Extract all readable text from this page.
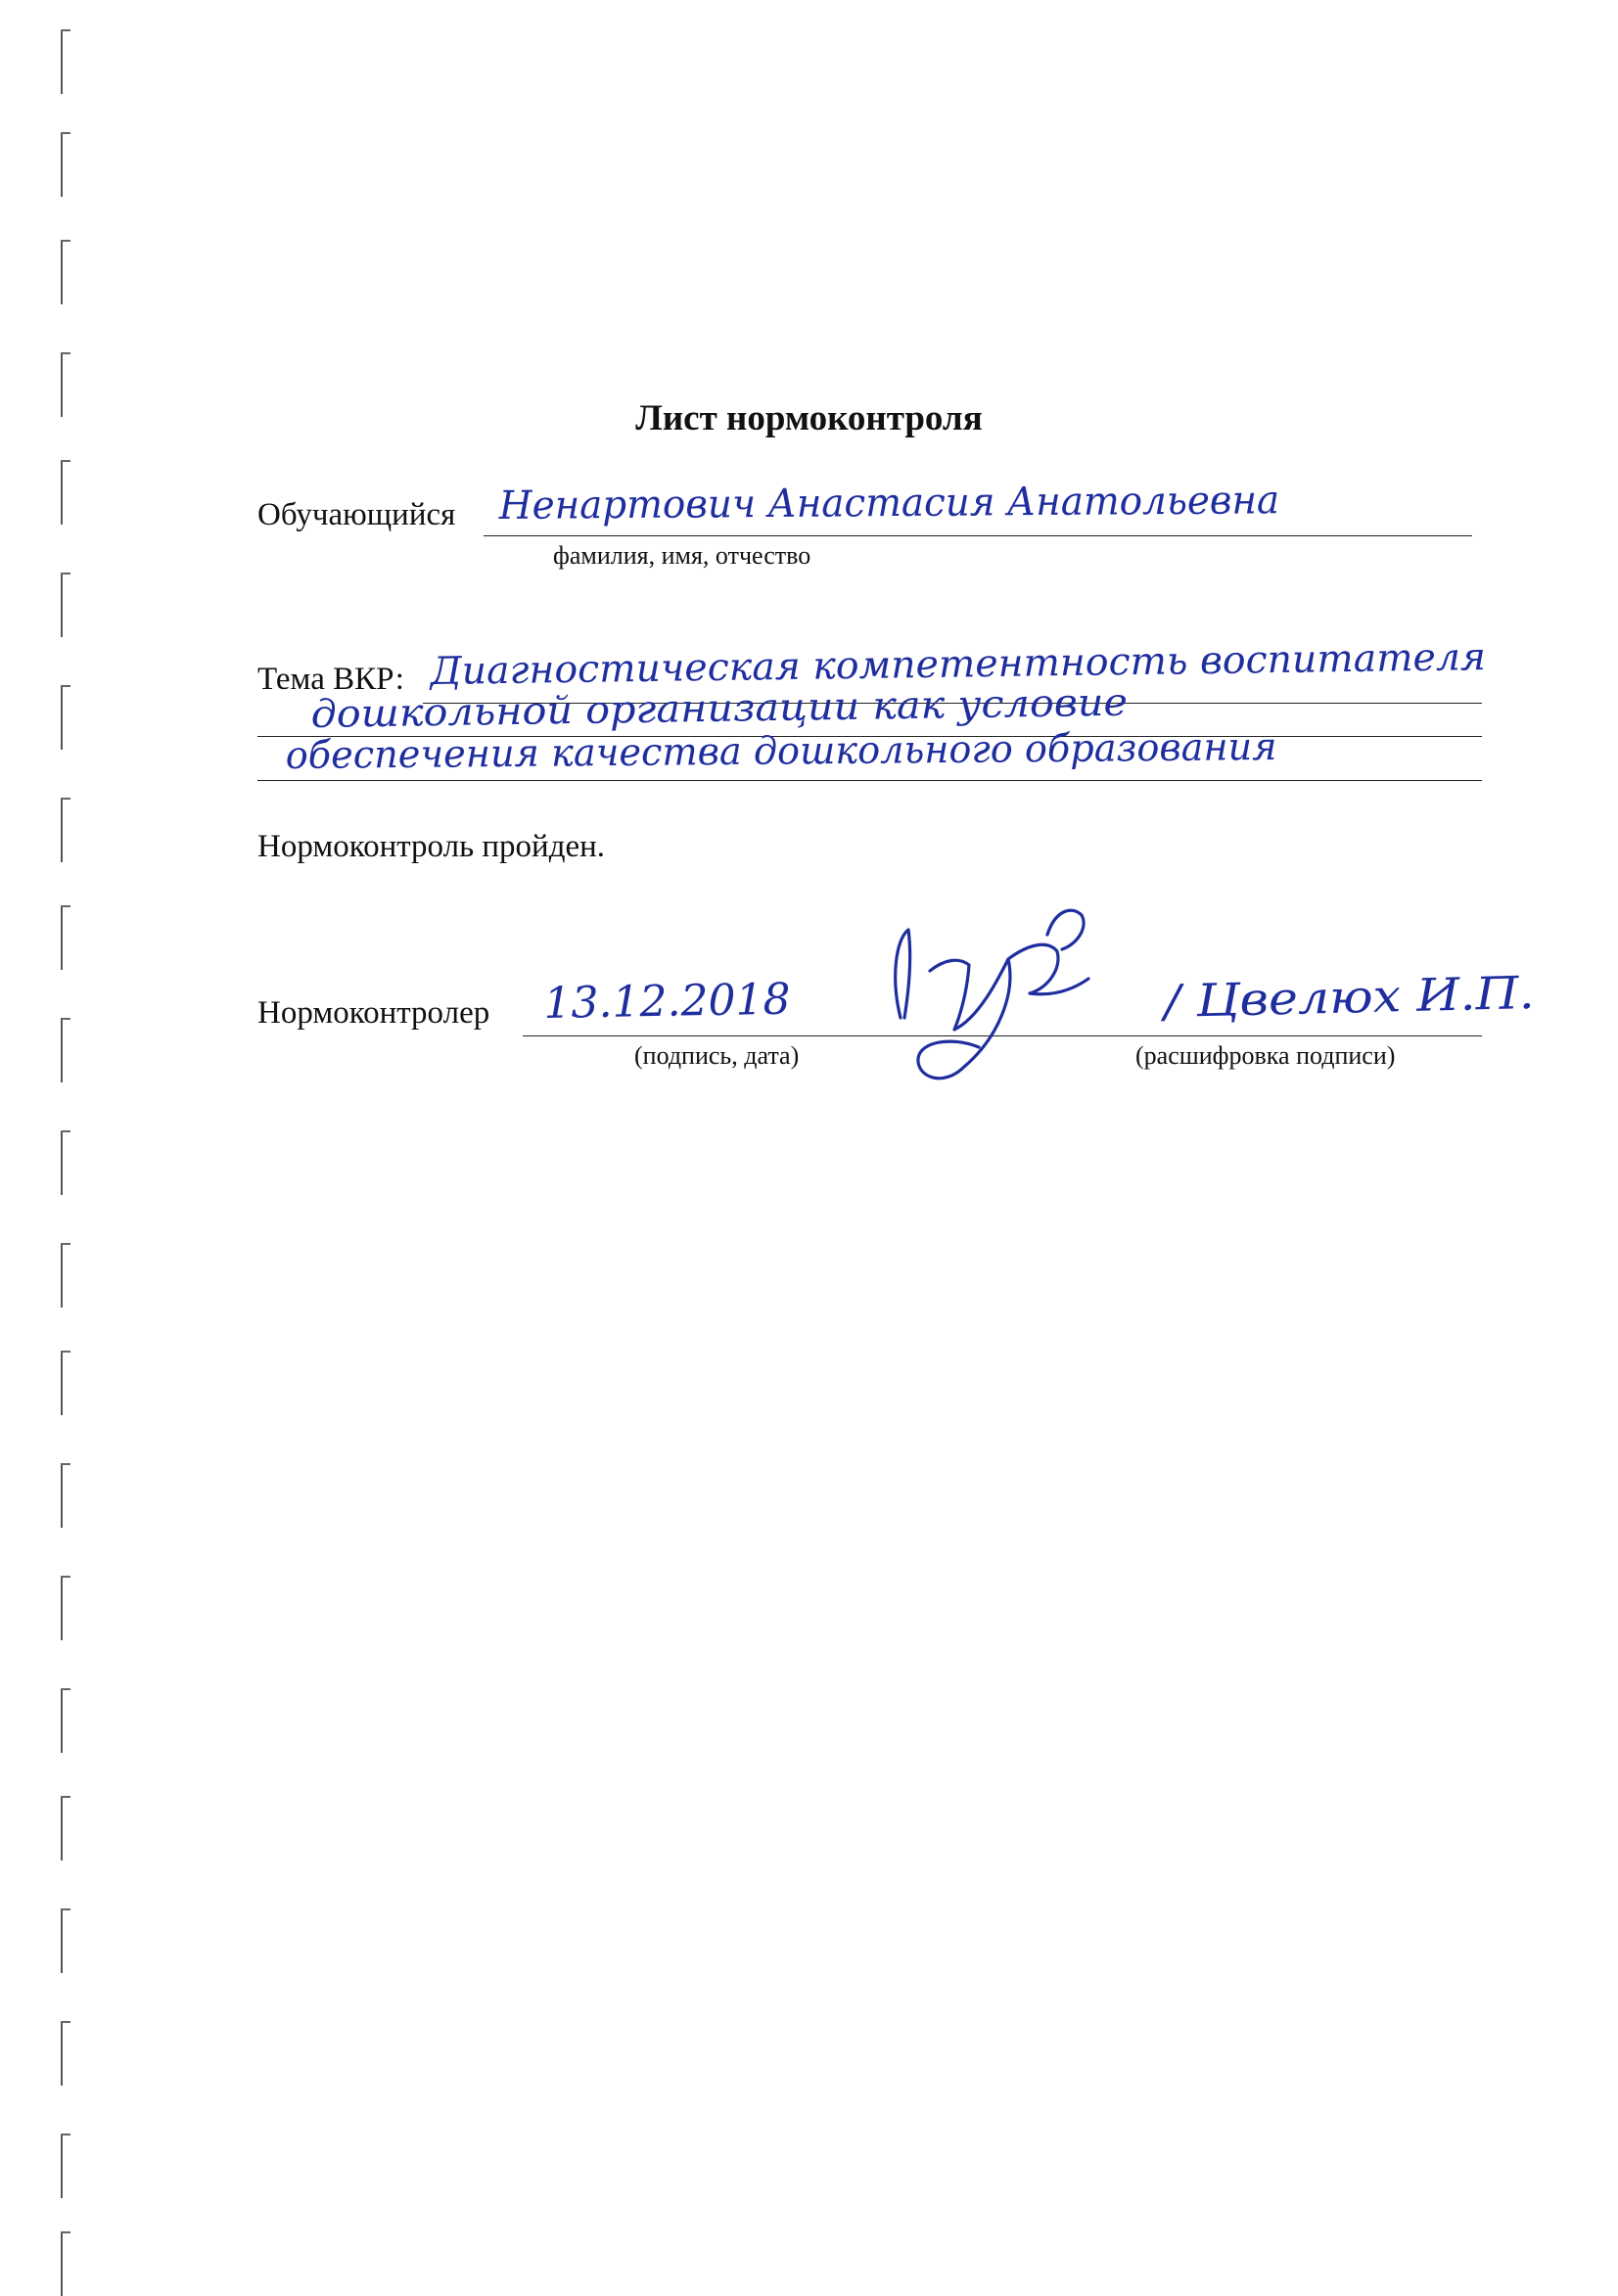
Лист нормоконтроля
Обучающийся Ненартович Анастасия Анатольевна
фамилия, имя, отчество
Тема ВКР: Диагностическая компетентность воспитателя
дошкольной организации как условие
обеспечения качества дошкольного образования
Нормоконтроль пройден.
Нормоконтролер 13.12.2018	/ Цвелюх И.П.
(подпись, дата)	(расшифровка подписи)
